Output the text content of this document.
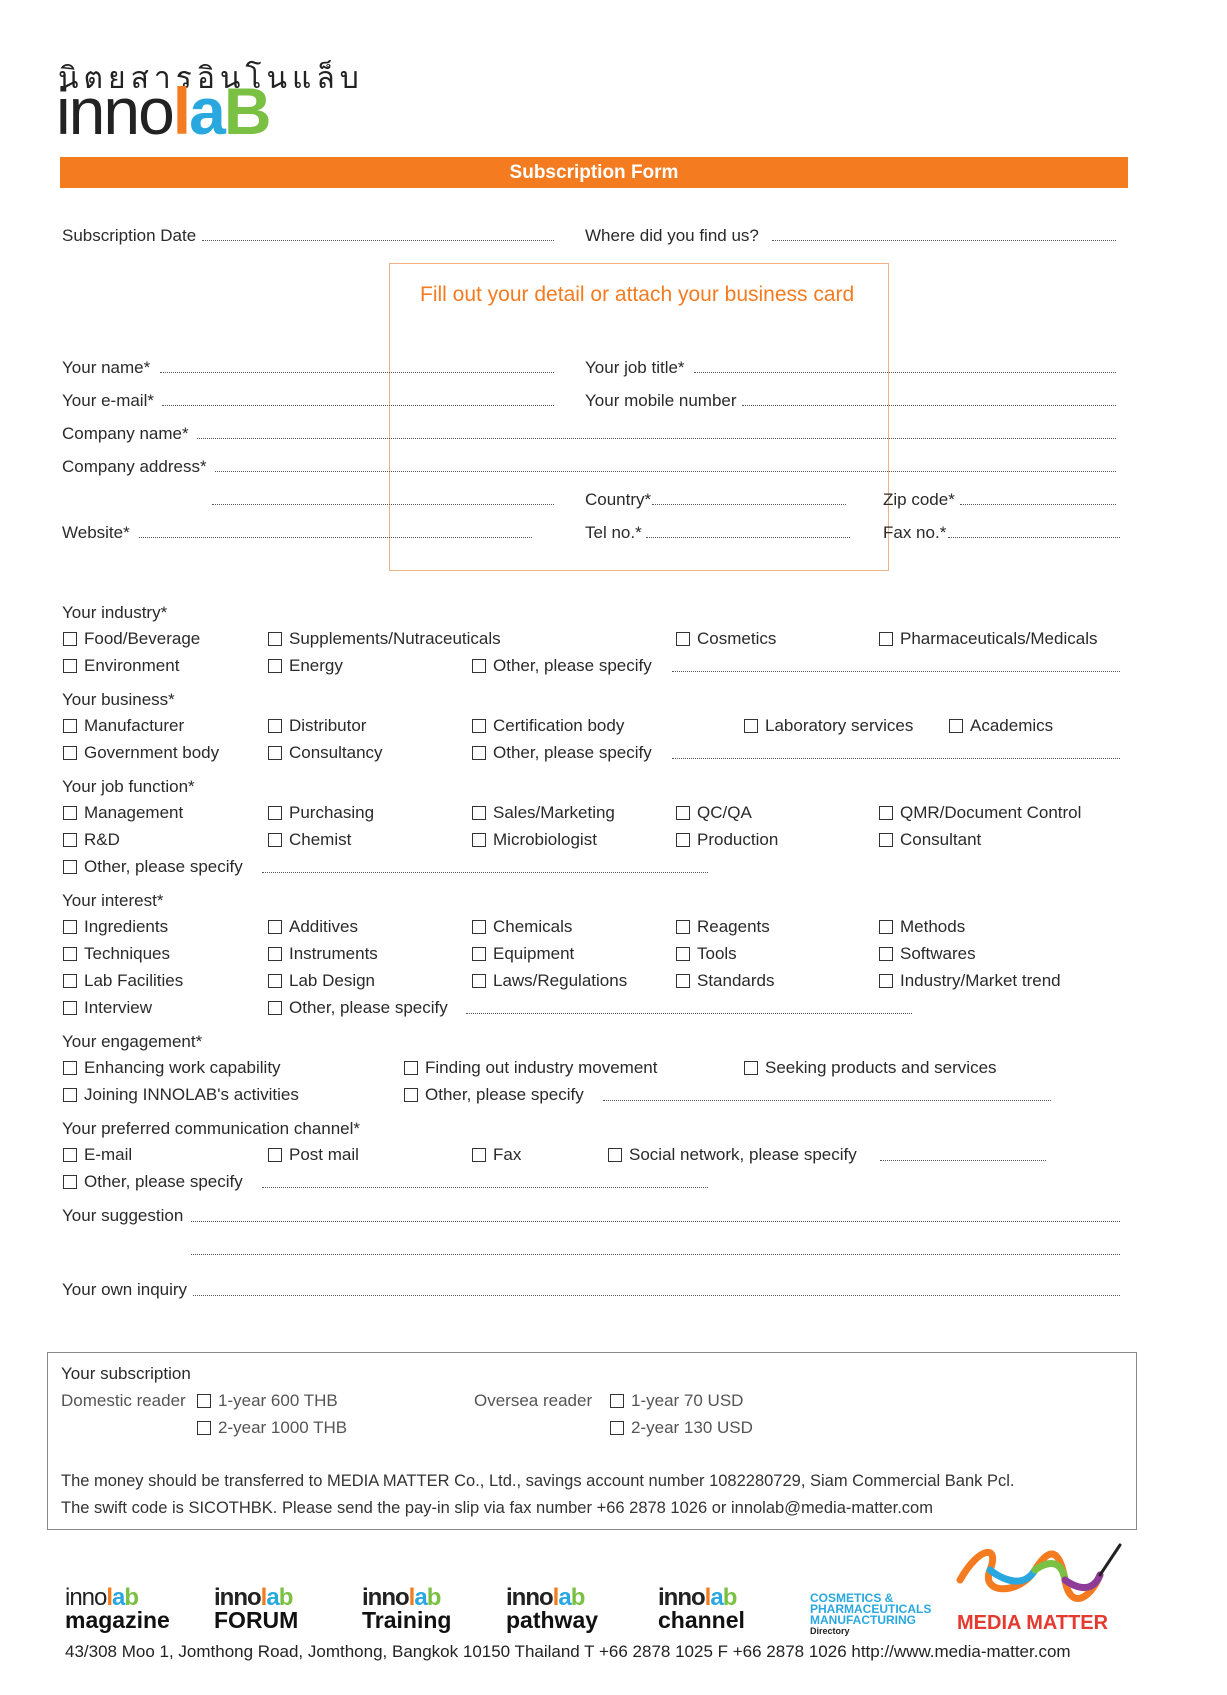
นิตยสารอินโนแล็บ
innolaB
Subscription Form
Fill out your detail or attach your business card
Subscription Date	Where did you find us?
Your name*	Your job title*
Your e-mail*	Your mobile number
Company name*
Company address*
Country*	Zip code*
Website*	Tel no.*	Fax no.*
Your industry*
Food/Beverage	Supplements/Nutraceuticals	Cosmetics	Pharmaceuticals/Medicals
Environment	Energy	Other, please specify
Your business*
Manufacturer	Distributor	Certification body	Laboratory services	Academics
Government body	Consultancy	Other, please specify
Your job function*
Management	Purchasing	Sales/Marketing	QC/QA	QMR/Document Control
R&D	Chemist	Microbiologist	Production	Consultant
Other, please specify
Your interest*
Ingredients	Additives	Chemicals	Reagents	Methods
Techniques	Instruments	Equipment	Tools	Softwares
Lab Facilities	Lab Design	Laws/Regulations	Standards	Industry/Market trend
Interview	Other, please specify
Your engagement*
Enhancing work capability	Finding out industry movement	Seeking products and services
Joining INNOLAB's activities	Other, please specify
Your preferred communication channel*
E-mail	Post mail	Fax	Social network, please specify
Other, please specify
Your suggestion
Your own inquiry
Your subscription
Domestic reader 1-year 600 THB
2-year 1000 THB
Oversea reader 1-year 70 USD
2-year 130 USD
The money should be transferred to MEDIA MATTER Co., Ltd., savings account number 1082280729, Siam Commercial Bank Pcl.
The swift code is SICOTHBK. Please send the pay-in slip via fax number +66 2878 1026 or innolab@media-matter.com
innolab
magazine
innolab
FORUM
innolab
Training
innolab
pathway
innolab
channel
COSMETICS &
PHARMACEUTICALS
MANUFACTURING
Directory	MEDIA MATTER
43/308 Moo 1, Jomthong Road, Jomthong, Bangkok 10150 Thailand T +66 2878 1025 F +66 2878 1026 http://www.media-matter.com
